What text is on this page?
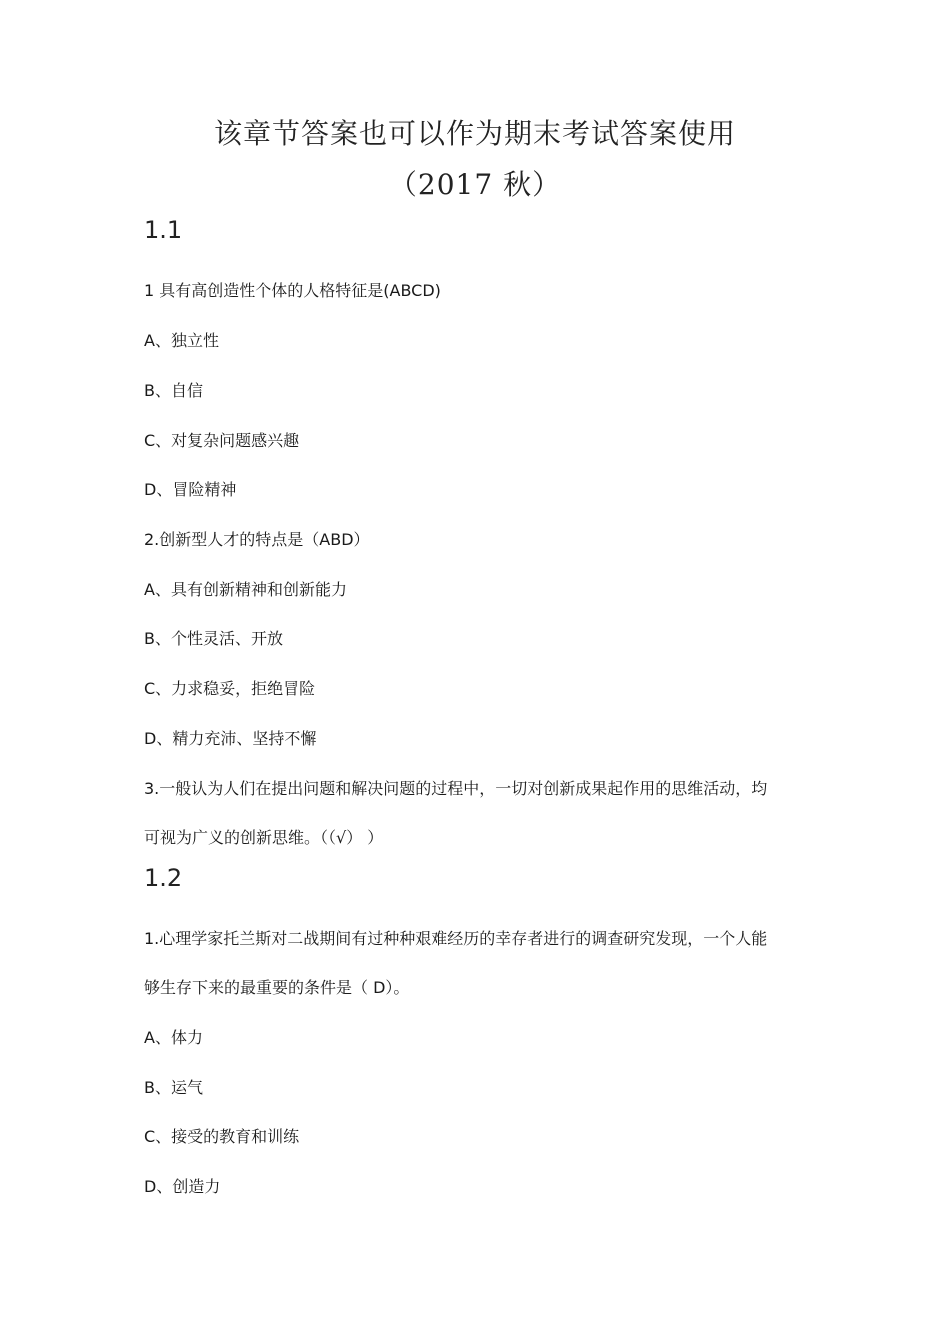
该章节答案也可以作为期末考试答案使用
（2017 秋）
1.1
1 具有高创造性个体的人格特征是(ABCD)
A、独立性
B、自信
C、对复杂问题感兴趣
D、冒险精神
2.创新型人才的特点是（ABD）
A、具有创新精神和创新能力
B、个性灵活、开放
C、力求稳妥，拒绝冒险
D、精力充沛、坚持不懈
3.一般认为人们在提出问题和解决问题的过程中，一切对创新成果起作用的思维活动，均
可视为广义的创新思维。（（√） ）
1.2
1.心理学家托兰斯对二战期间有过种种艰难经历的幸存者进行的调查研究发现，一个人能
够生存下来的最重要的条件是（ D）。
A、体力
B、运气
C、接受的教育和训练
D、创造力
